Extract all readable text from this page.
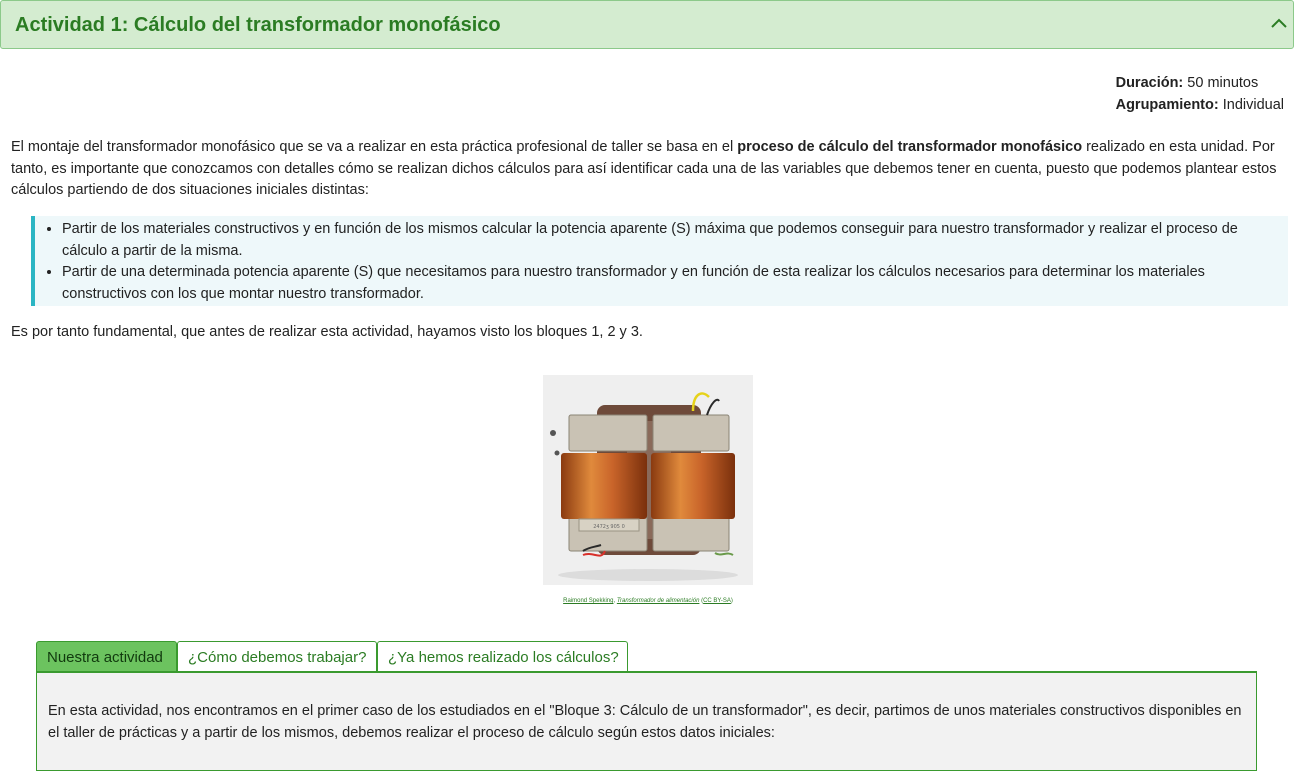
Actividad 1: Cálculo del transformador monofásico
Duración: 50 minutos
Agrupamiento: Individual

El montaje del transformador monofásico que se va a realizar en esta práctica profesional de taller se basa en el proceso de cálculo del transformador monofásico realizado en esta unidad. Por tanto, es importante que conozcamos con detalles cómo se realizan dichos cálculos para así identificar cada una de las variables que debemos tener en cuenta, puesto que podemos plantear estos cálculos partiendo de dos situaciones iniciales distintas:

• Partir de los materiales constructivos y en función de los mismos calcular la potencia aparente (S) máxima que podemos conseguir para nuestro transformador y realizar el proceso de cálculo a partir de la misma.
• Partir de una determinada potencia aparente (S) que necesitamos para nuestro transformador y en función de esta realizar los cálculos necesarios para determinar los materiales constructivos con los que montar nuestro transformador.

Es por tanto fundamental, que antes de realizar esta actividad, hayamos visto los bloques 1, 2 y 3.

2472ʒ 905 0
Raimond Spekking, Transformador de alimentación (CC BY-SA)
Nuestra actividad	¿Cómo debemos trabajar?	¿Ya hemos realizado los cálculos?

En esta actividad, nos encontramos en el primer caso de los estudiados en el "Bloque 3: Cálculo de un transformador", es decir, partimos de unos materiales constructivos disponibles en el taller de prácticas y a partir de los mismos, debemos realizar el proceso de cálculo según estos datos iniciales:
